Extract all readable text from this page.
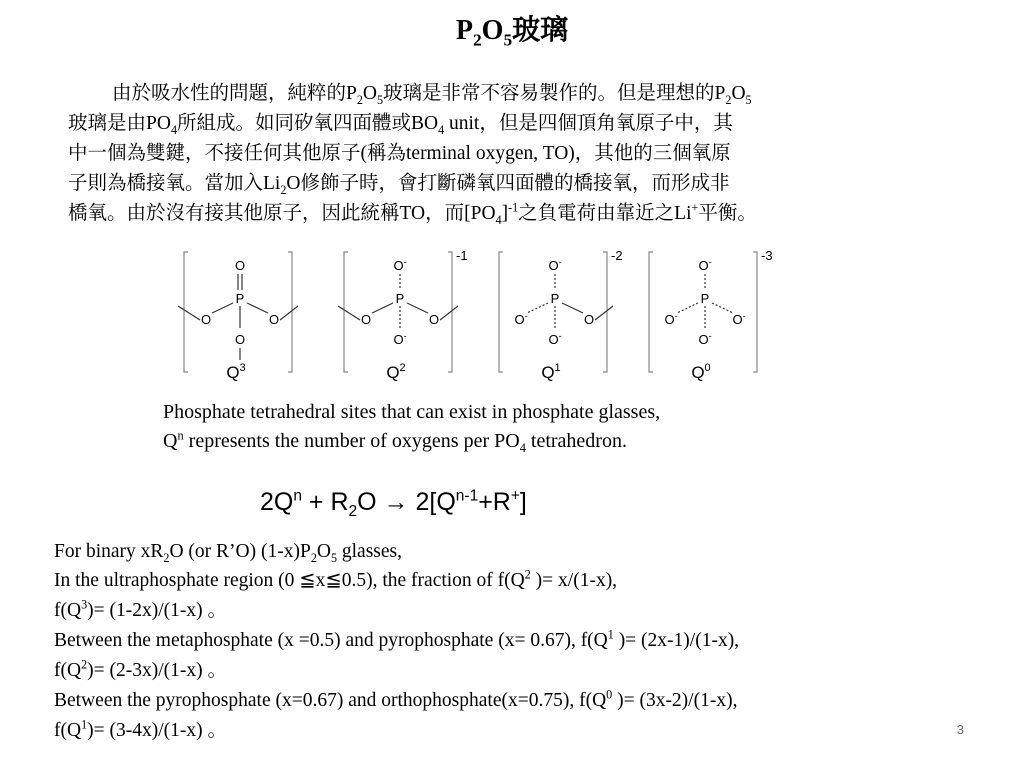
$P_2O_5$玻璃
由於吸水性的問題，純粹的$P_2O_5$玻璃是非常不容易製作的。但是理想的$P_2O_5$
玻璃是由$PO_4$所組成。如同矽氧四面體或$BO_4$ unit，但是四個頂角氧原子中，其
中一個為雙鍵，不接任何其他原子(稱為terminal oxygen, TO)，其他的三個氧原
子則為橋接氧。當加入$Li_2O$修飾子時，會打斷磷氧四面體的橋接氧，而形成非
橋氧。由於沒有接其他原子，因此統稱TO，而$[PO_4]^{-1}$之負電荷由靠近之Li+平衡。
O
P
O	O
O
$Q^3$
O-
P
O	O
O-
-1
$Q^2$
O-
P
O-	O
O-
-2
$Q^1$
O-
P
O-	O-
O-
-3
$Q^0$
Phosphate tetrahedral sites that can exist in phosphate glasses,
$Q^n$ represents the number of oxygens per $PO_4$ tetrahedron.
$2Q^n + R_2O \to 2[Q^{n-1}+R^+]$
For binary $xR_2O$ (or R’O) $(1-x)P_2O_5$ glasses,
In the ultraphosphate region (0 ≦x≦0.5), the fraction of $f(Q^2$ )= x/(1-x),
$f(Q^3)= (1-2x)/(1-x)$ 。
Between the metaphosphate (x =0.5) and pyrophosphate (x= 0.67), $f(Q^1$ )= (2x-1)/(1-x),
$f(Q^2)= (2-3x)/(1-x)$ 。
Between the pyrophosphate (x=0.67) and orthophosphate(x=0.75), $f(Q^0$ )= (3x-2)/(1-x),
$f(Q^1)= (3-4x)/(1-x)$ 。	3
